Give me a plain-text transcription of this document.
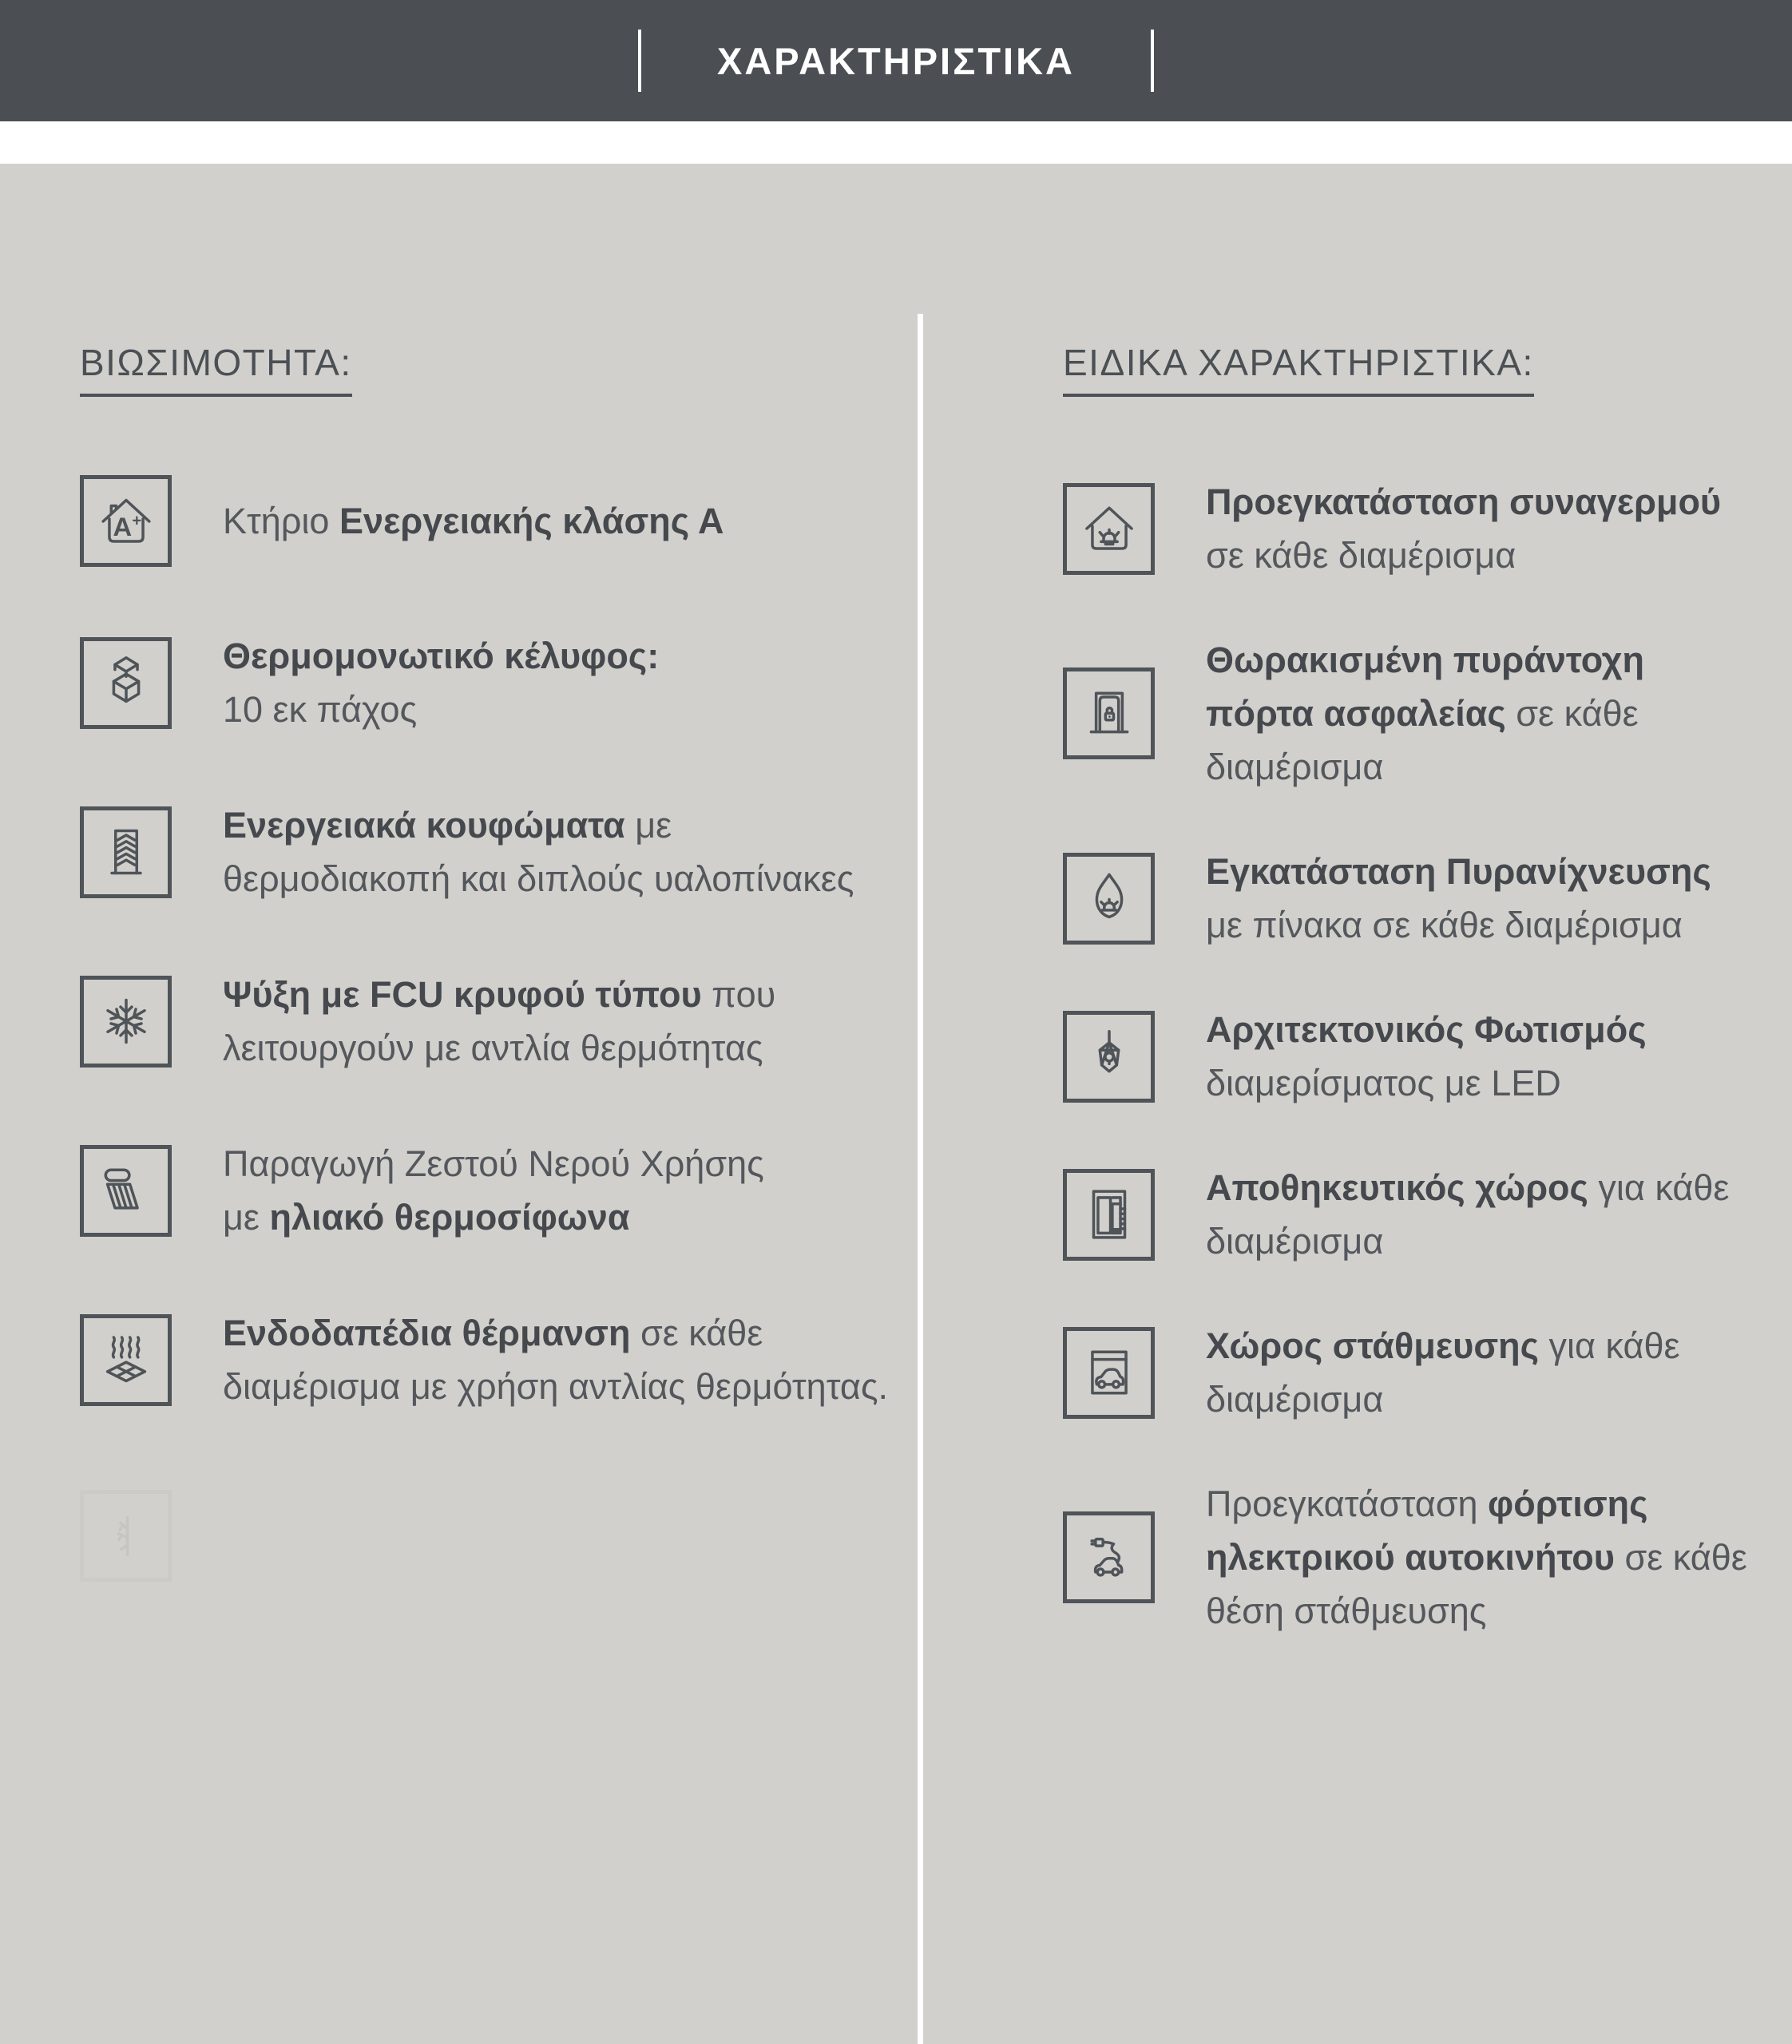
ΧΑΡΑΚΤΗΡΙΣΤΙΚΑ
ΒΙΩΣΙΜΟΤΗΤΑ:
A + Κτήριο Ενεργειακής κλάσης Α
Θερμομονωτικό κέλυφος:
10 εκ πάχος
Ενεργειακά κουφώματα με
θερμοδιακοπή και διπλούς υαλοπίνακες
Ψύξη με FCU κρυφού τύπου που
λειτουργούν με αντλία θερμότητας
Παραγωγή Ζεστού Νερού Χρήσης
με ηλιακό θερμοσίφωνα
Ενδοδαπέδια θέρμανση σε κάθε
διαμέρισμα με χρήση αντλίας θερμότητας.
ΕΙΔΙΚΑ ΧΑΡΑΚΤΗΡΙΣΤΙΚΑ:
Προεγκατάσταση συναγερμού
σε κάθε διαμέρισμα
Θωρακισμένη πυράντοχη
πόρτα ασφαλείας σε κάθε
διαμέρισμα
Εγκατάσταση Πυρανίχνευσης
με πίνακα σε κάθε διαμέρισμα
Αρχιτεκτονικός Φωτισμός
διαμερίσματος με LED
Αποθηκευτικός χώρος για κάθε
διαμέρισμα
Χώρος στάθμευσης για κάθε
διαμέρισμα
Προεγκατάσταση φόρτισης
ηλεκτρικού αυτοκινήτου σε κάθε
θέση στάθμευσης
